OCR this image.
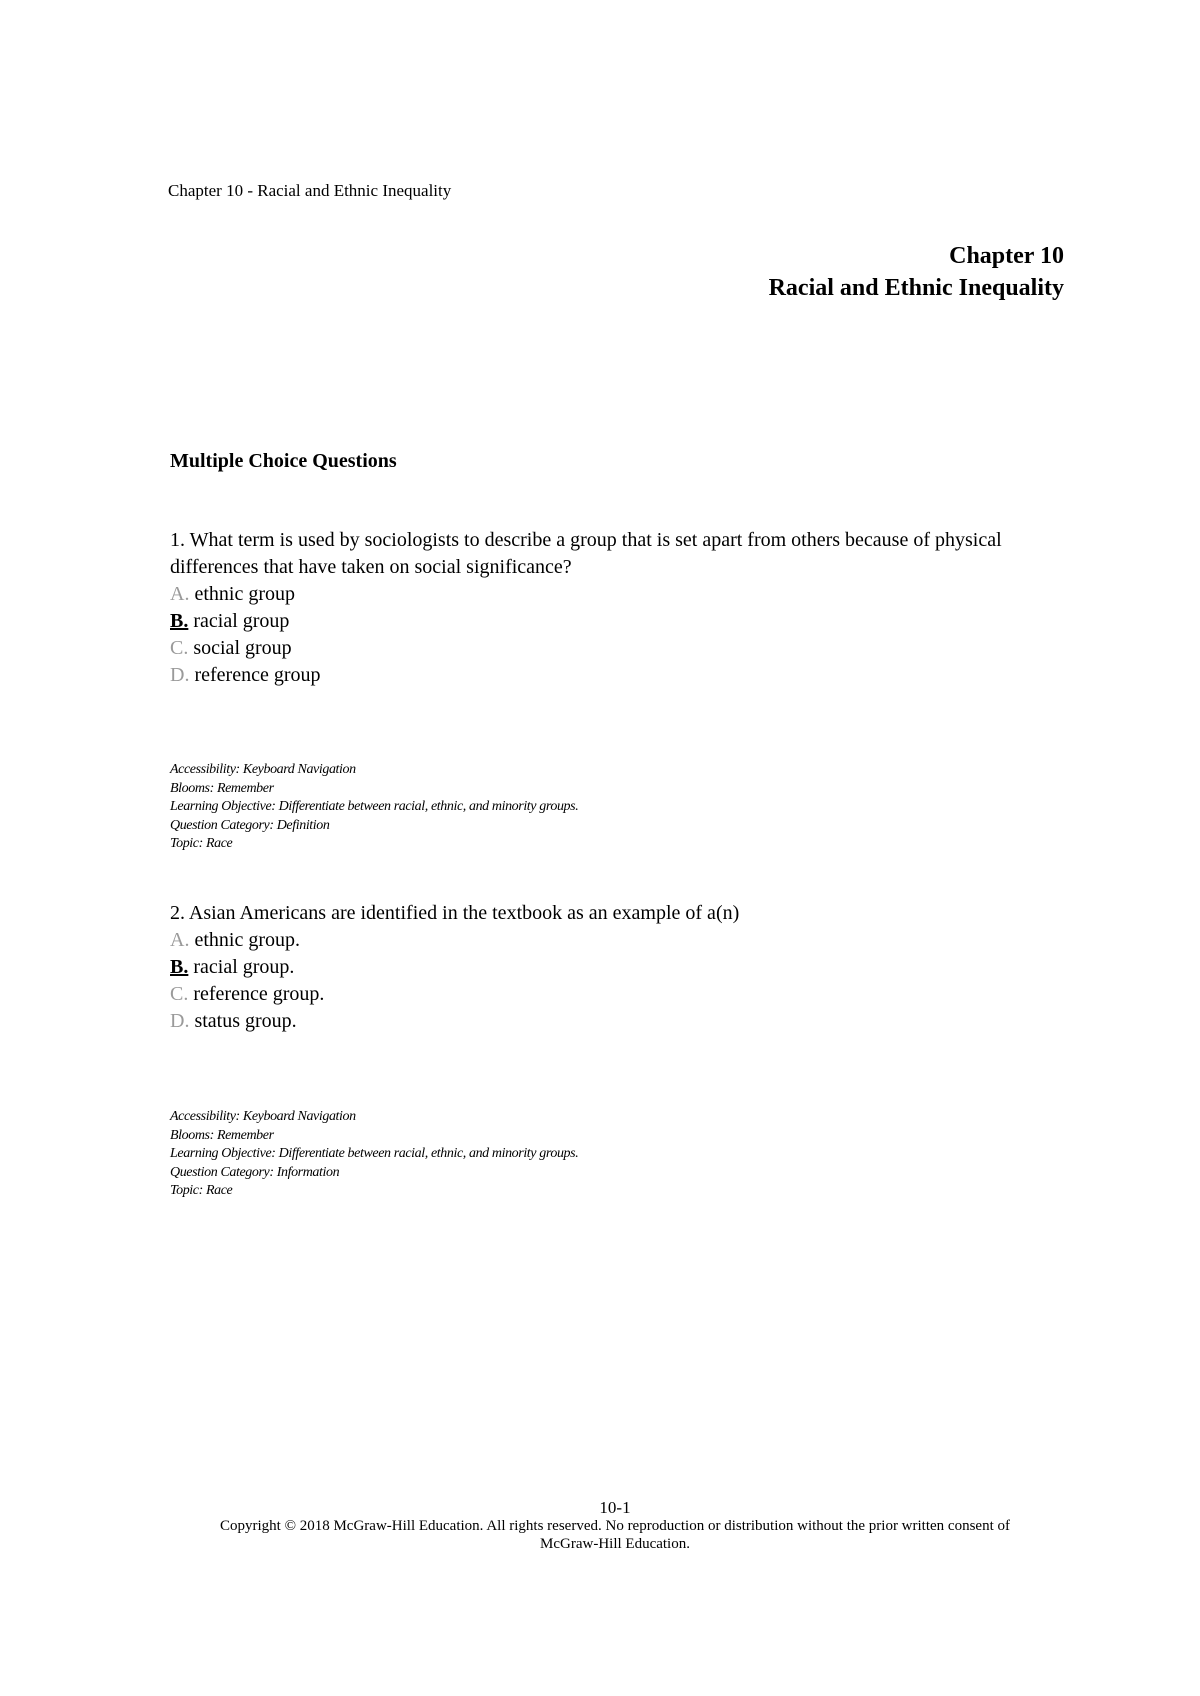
Chapter 10 - Racial and Ethnic Inequality
Chapter 10
Racial and Ethnic Inequality
Multiple Choice Questions
1. What term is used by sociologists to describe a group that is set apart from others because of physical differences that have taken on social significance?
A. ethnic group
B. racial group
C. social group
D. reference group
Accessibility: Keyboard Navigation
Blooms: Remember
Learning Objective: Differentiate between racial, ethnic, and minority groups.
Question Category: Definition
Topic: Race
2. Asian Americans are identified in the textbook as an example of a(n)
A. ethnic group.
B. racial group.
C. reference group.
D. status group.
Accessibility: Keyboard Navigation
Blooms: Remember
Learning Objective: Differentiate between racial, ethnic, and minority groups.
Question Category: Information
Topic: Race
10-1
Copyright © 2018 McGraw-Hill Education. All rights reserved. No reproduction or distribution without the prior written consent of
McGraw-Hill Education.
